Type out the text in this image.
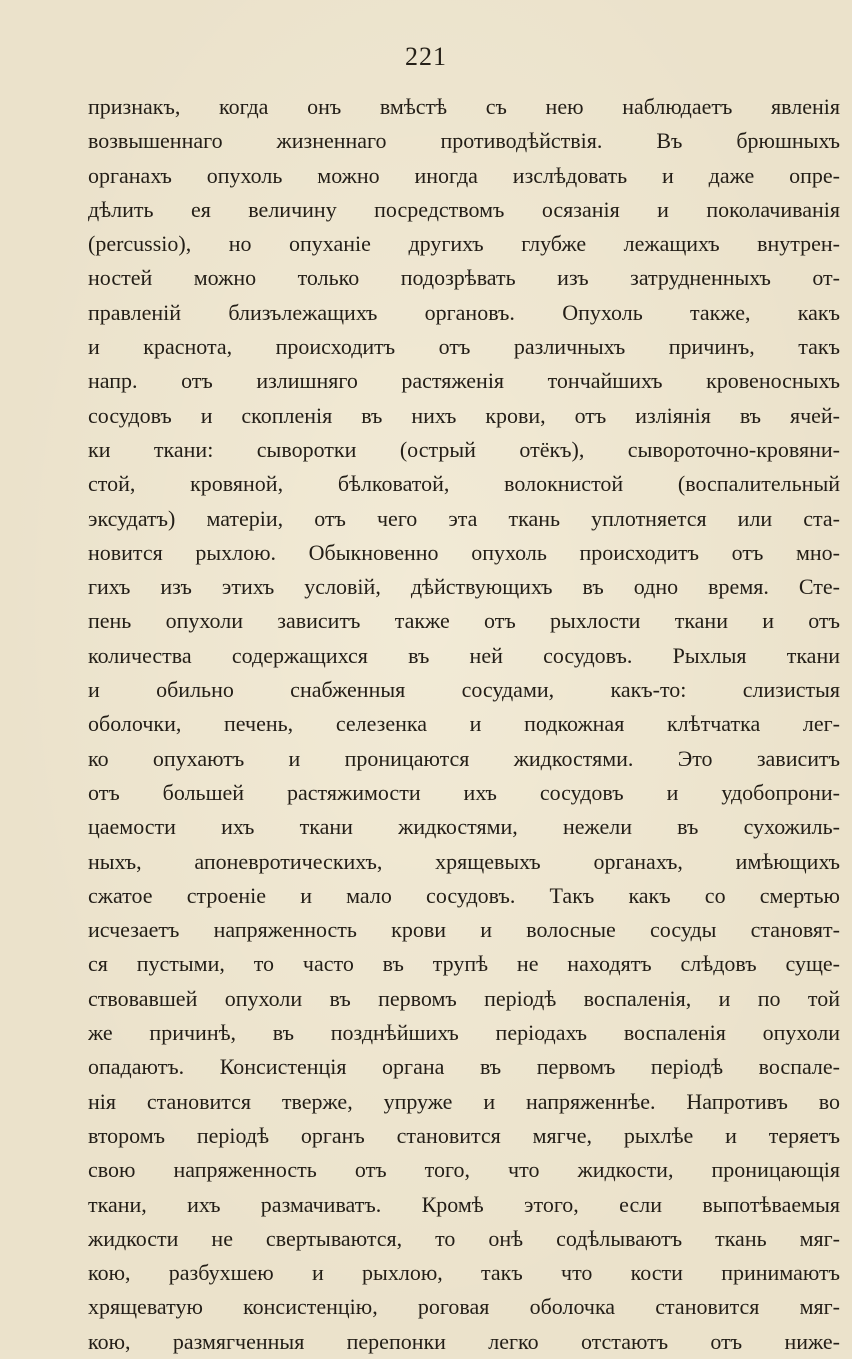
221
признакъ, когда онъ вмѣстѣ съ нею наблюдаетъ явленія
возвышеннаго жизненнаго противодѣйствія. Въ брюшныхъ
органахъ опухоль можно иногда изслѣдовать и даже опре-
дѣлить ея величину посредствомъ осязанія и поколачиванія
(percussio), но опуханіе другихъ глубже лежащихъ внутрен-
ностей можно только подозрѣвать изъ затрудненныхъ от-
правленій близълежащихъ органовъ. Опухоль также, какъ
и краснота, происходитъ отъ различныхъ причинъ, такъ
напр. отъ излишняго растяженія тончайшихъ кровеносныхъ
сосудовъ и скопленія въ нихъ крови, отъ изліянія въ ячей-
ки ткани: сыворотки (острый отёкъ), сывороточно-кровяни-
стой, кровяной, бѣлковатой, волокнистой (воспалительный
эксудатъ) матеріи, отъ чего эта ткань уплотняется или ста-
новится рыхлою. Обыкновенно опухоль происходитъ отъ мно-
гихъ изъ этихъ условій, дѣйствующихъ въ одно время. Сте-
пень опухоли зависитъ также отъ рыхлости ткани и отъ
количества содержащихся въ ней сосудовъ. Рыхлыя ткани
и обильно снабженныя сосудами, какъ-то: слизистыя
оболочки, печень, селезенка и подкожная клѣтчатка лег-
ко опухаютъ и проницаются жидкостями. Это зависитъ
отъ большей растяжимости ихъ сосудовъ и удобопрони-
цаемости ихъ ткани жидкостями, нежели въ сухожиль-
ныхъ, апоневротическихъ, хрящевыхъ органахъ, имѣющихъ
сжатое строеніе и мало сосудовъ. Такъ какъ со смертью
исчезаетъ напряженность крови и волосные сосуды становят-
ся пустыми, то часто въ трупѣ не находятъ слѣдовъ суще-
ствовавшей опухоли въ первомъ періодѣ воспаленія, и по той
же причинѣ, въ позднѣйшихъ періодахъ воспаленія опухоли
опадаютъ. Консистенція органа въ первомъ періодѣ воспале-
нія становится тверже, упруже и напряженнѣе. Напротивъ во
второмъ періодѣ органъ становится мягче, рыхлѣе и теряетъ
свою напряженность отъ того, что жидкости, проницающія
ткани, ихъ размачиватъ. Кромѣ этого, если выпотѣваемыя
жидкости не свертываются, то онѣ содѣлываютъ ткань мяг-
кою, разбухшею и рыхлою, такъ что кости принимаютъ
хрящеватую консистенцію, роговая оболочка становится мяг-
кою, размягченныя перепонки легко отстаютъ отъ ниже-
